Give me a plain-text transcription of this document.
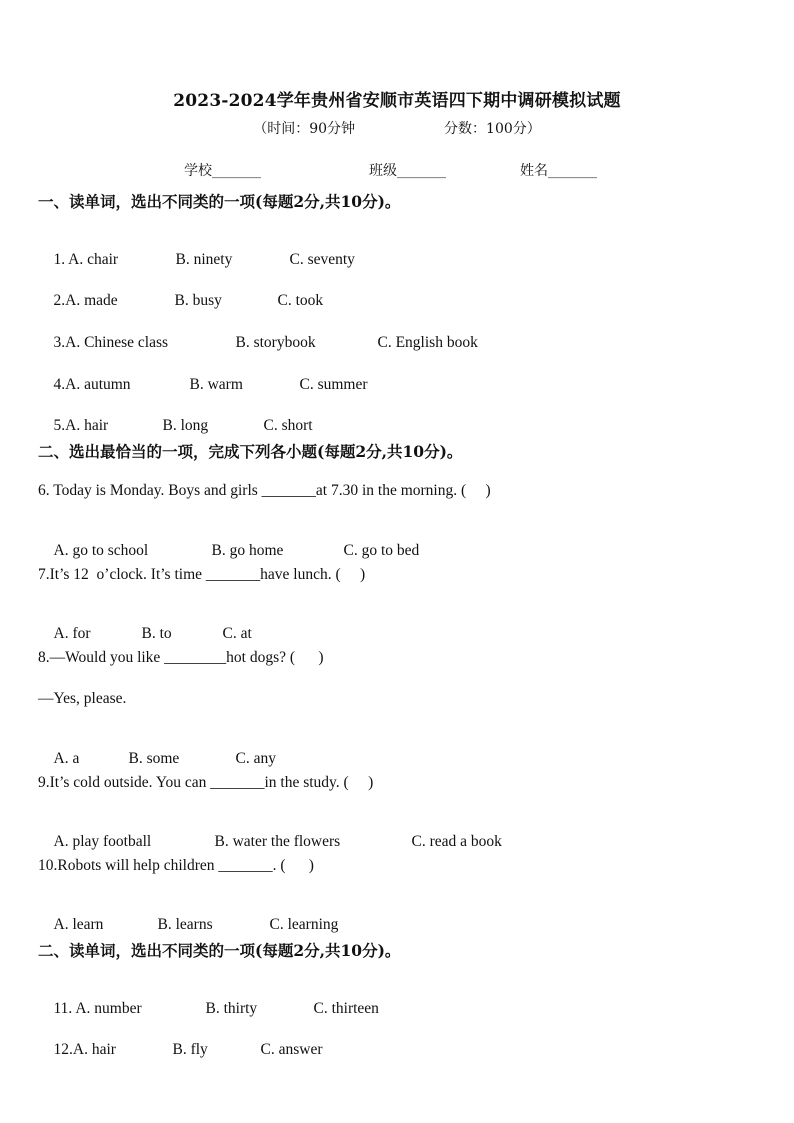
2023-2024学年贵州省安顺市英语四下期中调研模拟试题
（时间：90分钟                    分数：100分）
学校_______	班级_______	姓名_______
一、读单词，选出不同类的一项(每题2分,共10分)。

1. A. chair	B. ninety	C. seventy

2.A. made	B. busy	C. took

3.A. Chinese class	B. storybook	C. English book

4.A. autumn	B. warm	C. summer

5.A. hair	B. long	C. short

二、选出最恰当的一项，完成下列各小题(每题2分,共10分)。
6. Today is Monday. Boys and girls _______at 7.30 in the morning. (     )

A. go to school	B. go home	C. go to bed

7.It’s 12  o’clock. It’s time _______have lunch. (     )

A. for	B. to	C. at

8.—Would you like ________hot dogs? (      )
—Yes, please.

A. a	B. some	C. any

9.It’s cold outside. You can _______in the study. (     )

A. play football	B. water the flowers	C. read a book

10.Robots will help children _______. (      )

A. learn	B. learns	C. learning

二、读单词，选出不同类的一项(每题2分,共10分)。

11. A. number	B. thirty	C. thirteen

12.A. hair	B. fly	C. answer
